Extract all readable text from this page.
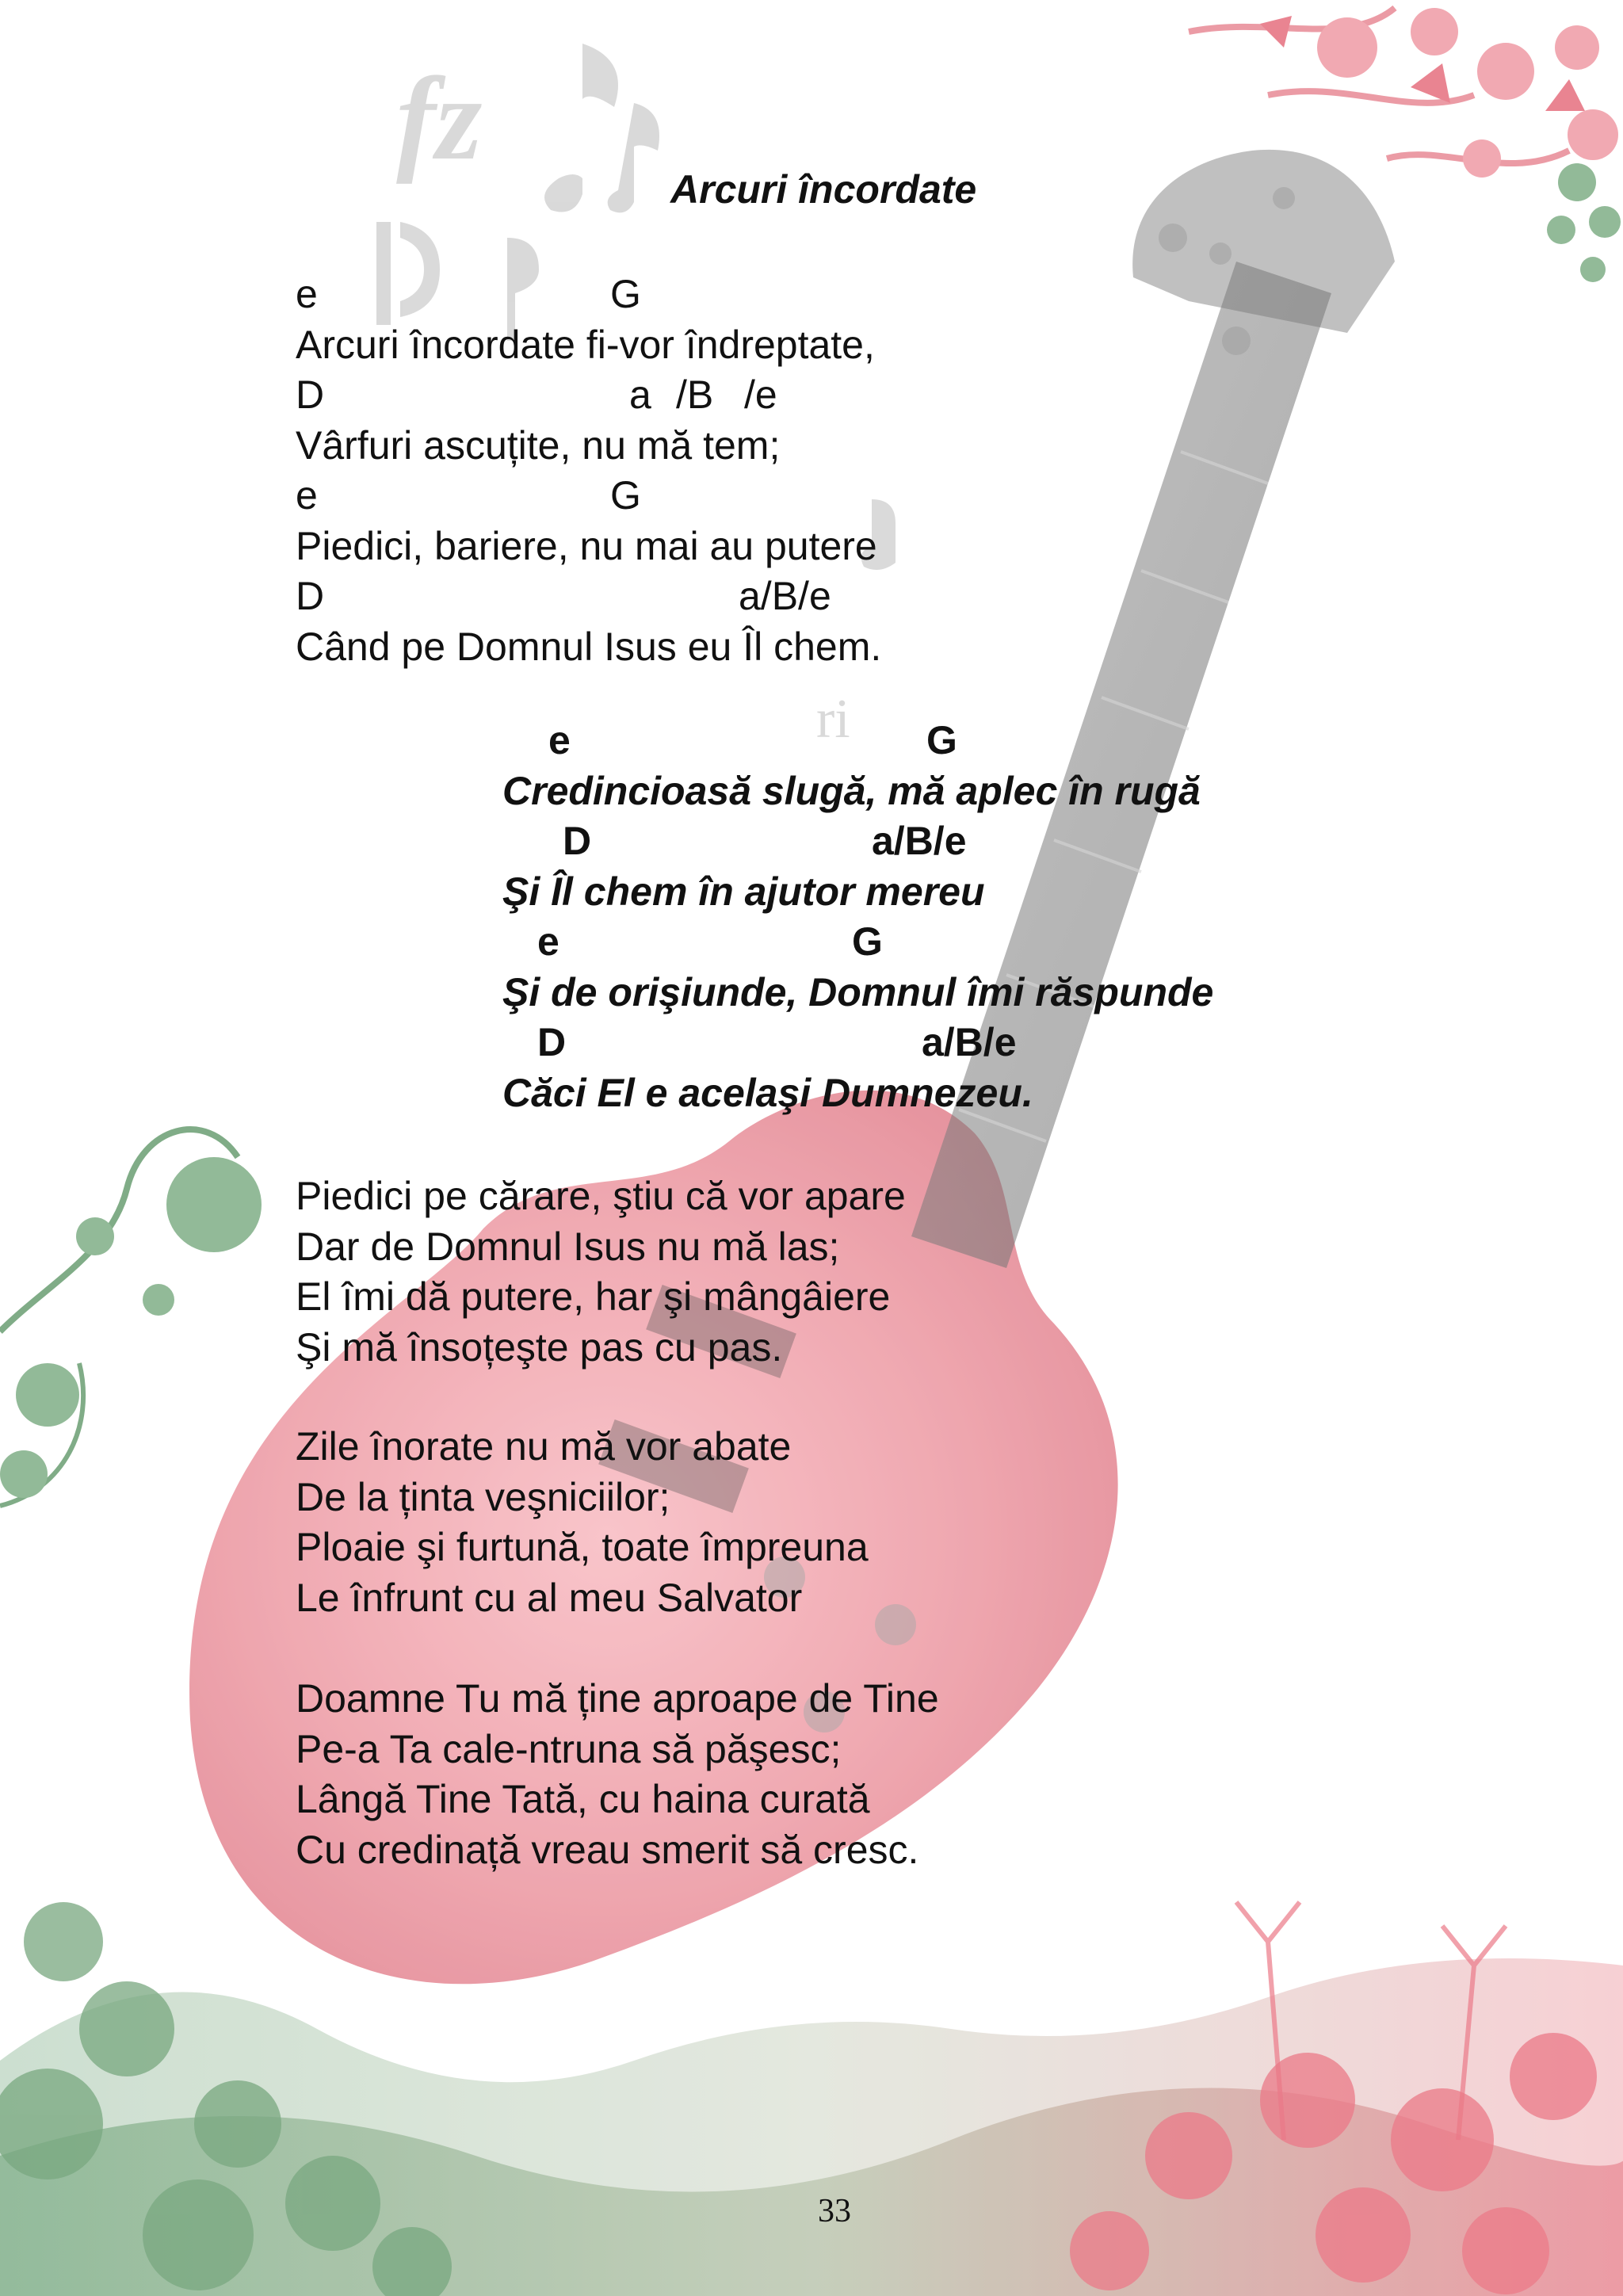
fz
ri
Arcuri încordate

e

	G

Arcuri încordate fi-vor îndreptate,

D

	a

/B

/e

Vârfuri ascuțite, nu mă tem;

e

	G

Piedici, bariere, nu mai au putere

D

	a/B/e

Când pe Domnul Isus eu Îl chem.

e

	G

Credincioasă slugă, mă aplec în rugă

D

	a/B/e

Şi Îl chem în ajutor mereu

e

	G

Şi de orişiunde, Domnul îmi răspunde

D

	a/B/e

Căci El e acelaşi Dumnezeu.
Piedici pe cărare, ştiu că vor apare
Dar de Domnul Isus nu mă las;
El îmi dă putere, har şi mângâiere
Şi mă însoțeşte pas cu pas.
Zile înorate nu mă vor abate
De la ținta veşniciilor;
Ploaie şi furtună, toate împreuna
Le înfrunt cu al meu Salvator
Doamne Tu mă ține aproape de Tine
Pe-a Ta cale-ntruna să păşesc;
Lângă Tine Tată, cu haina curată
Cu credinață vreau smerit să cresc.
33
